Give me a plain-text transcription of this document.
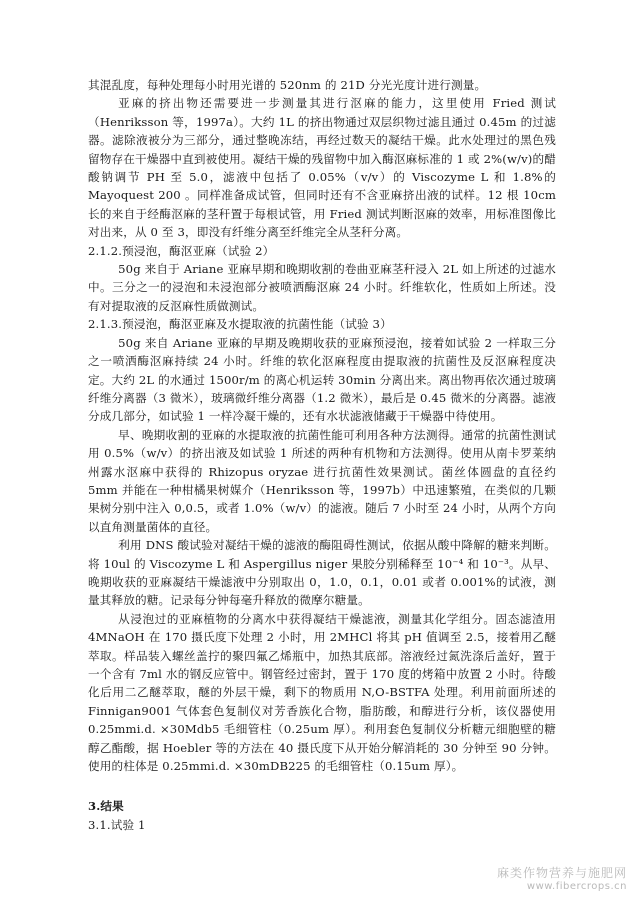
其混乱度，每种处理每小时用光谱的 520nm 的 21D 分光光度计进行测量。

亚麻的挤出物还需要进一步测量其进行沤麻的能力，这里使用 Fried 测试（Henriksson 等，1997a）。大约 1L 的挤出物通过双层织物过滤且通过 0.45m 的过滤器。滤除液被分为三部分，通过整晚冻结，再经过数天的凝结干燥。此水处理过的黑色残留物存在干燥器中直到被使用。凝结干燥的残留物中加入酶沤麻标准的 1 或 2%(w/v)的醋酸钠调节 PH 至 5.0，滤液中包括了 0.05%（v/v）的 Viscozyme L 和 1.8%的 Mayoquest 200 。同样准备成试管，但同时还有不含亚麻挤出液的试样。12 根 10cm 长的来自于经酶沤麻的茎秆置于每根试管，用 Fried 测试判断沤麻的效率，用标准图像比对出来，从 0 至 3，即没有纤维分离至纤维完全从茎秆分离。

2.1.2.预浸泡，酶沤亚麻（试验 2）

50g 来自于 Ariane 亚麻早期和晚期收割的卷曲亚麻茎秆浸入 2L 如上所述的过滤水中。三分之一的浸泡和未浸泡部分被喷洒酶沤麻 24 小时。纤维软化，性质如上所述。没有对提取液的反沤麻性质做测试。

2.1.3.预浸泡，酶沤亚麻及水提取液的抗菌性能（试验 3）

50g 来自 Ariane 亚麻的早期及晚期收获的亚麻预浸泡，接着如试验 2 一样取三分之一喷洒酶沤麻持续 24 小时。纤维的软化沤麻程度由提取液的抗菌性及反沤麻程度决定。大约 2L 的水通过 1500r/m 的离心机运转 30min 分离出来。离出物再依次通过玻璃纤维分离器（3 微米），玻璃微纤维分离器（1.2 微米），最后是 0.45 微米的分离器。滤液分成几部分，如试验 1 一样冷凝干燥的，还有水状滤液储藏于干燥器中待使用。

早、晚期收割的亚麻的水提取液的抗菌性能可利用各种方法测得。通常的抗菌性测试用 0.5%（w/v）的挤出液及如试验 1 所述的两种有机物和方法测得。使用从南卡罗莱纳州露水沤麻中获得的 Rhizopus oryzae 进行抗菌性效果测试。菌丝体圆盘的直径约 5mm 并能在一种柑橘果树媒介（Henriksson 等，1997b）中迅速繁殖，在类似的几颗果树分别中注入 0,0.5，或者 1.0%（w/v）的滤液。随后 7 小时至 24 小时，从两个方向以直角测量菌体的直径。

利用 DNS 酸试验对凝结干燥的滤液的酶阻碍性测试，依据从酸中降解的糖来判断。将 10ul 的 Viscozyme L 和 Aspergillus niger 果胶分别稀释至 10⁻⁴ 和 10⁻³。从早、晚期收获的亚麻凝结干燥滤液中分别取出 0，1.0，0.1，0.01 或者 0.001%的试液，测量其释放的糖。记录每分钟每毫升释放的微摩尔糖量。

从浸泡过的亚麻植物的分离水中获得凝结干燥滤液，测量其化学组分。固态滤渣用 4MNaOH 在 170 摄氏度下处理 2 小时，用 2MHCl 将其 pH 值调至 2.5，接着用乙醚萃取。样品装入螺丝盖拧的聚四氟乙烯瓶中，加热其底部。溶液经过氮洗涤后盖好，置于一个含有 7ml 水的钢反应管中。钢管经过密封，置于 170 度的烤箱中放置 2 小时。待酸化后用二乙醚萃取，醚的外层干燥，剩下的物质用 N,O-BSTFA 处理。利用前面所述的 Finnigan9001 气体套色复制仪对芳香族化合物，脂肪酸，和醇进行分析，该仪器使用 0.25mmi.d. ×30Mdb5 毛细管柱（0.25um 厚）。利用套色复制仪分析糖元细胞壁的糖醇乙酯酸，据 Hoebler 等的方法在 40 摄氏度下从开始分解消耗的 30 分钟至 90 分钟。使用的柱体是 0.25mmi.d. ×30mDB225 的毛细管柱（0.15um 厚）。

3.结果

3.1.试验 1

麻类作物营养与施肥网
www.fibercrops.cn
